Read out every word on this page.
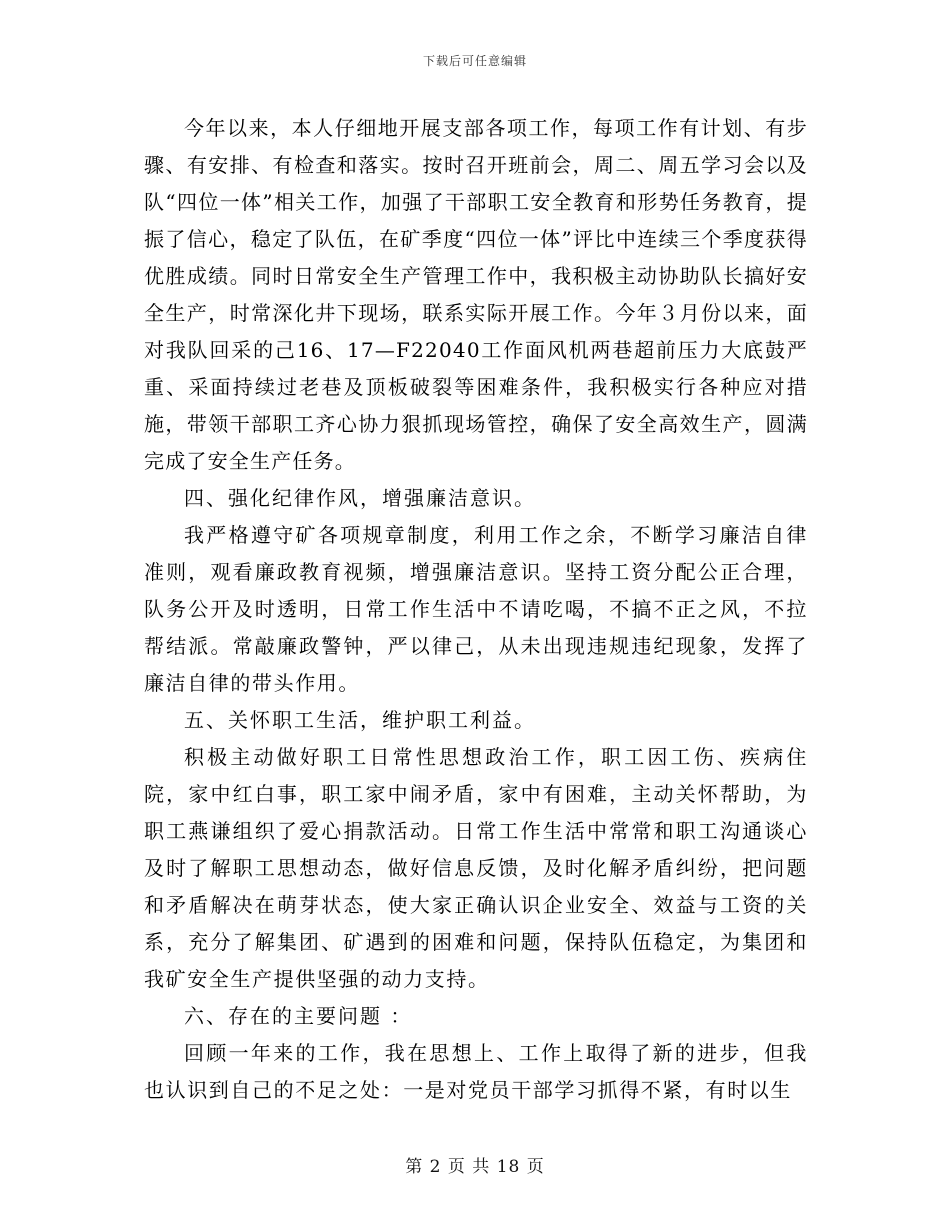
下载后可任意编辑

今年以来，本人仔细地开展支部各项工作，每项工作有计划、有步骤、有安排、有检查和落实。按时召开班前会，周二、周五学习会以及队“四位一体”相关工作，加强了干部职工安全教育和形势任务教育，提振了信心，稳定了队伍，在矿季度“四位一体”评比中连续三个季度获得优胜成绩。同时日常安全生产管理工作中，我积极主动协助队长搞好安全生产，时常深化井下现场，联系实际开展工作。今年３月份以来，面对我队回采的己16、17—F22040工作面风机两巷超前压力大底鼓严重、采面持续过老巷及顶板破裂等困难条件，我积极实行各种应对措施，带领干部职工齐心协力狠抓现场管控，确保了安全高效生产，圆满完成了安全生产任务。

四、强化纪律作风，增强廉洁意识。

我严格遵守矿各项规章制度，利用工作之余，不断学习廉洁自律准则，观看廉政教育视频，增强廉洁意识。坚持工资分配公正合理，队务公开及时透明，日常工作生活中不请吃喝，不搞不正之风，不拉帮结派。常敲廉政警钟，严以律己，从未出现违规违纪现象，发挥了廉洁自律的带头作用。

五、关怀职工生活，维护职工利益。

积极主动做好职工日常性思想政治工作，职工因工伤、疾病住院，家中红白事，职工家中闹矛盾，家中有困难，主动关怀帮助，为职工燕谦组织了爱心捐款活动。日常工作生活中常常和职工沟通谈心及时了解职工思想动态，做好信息反馈，及时化解矛盾纠纷，把问题和矛盾解决在萌芽状态，使大家正确认识企业安全、效益与工资的关系，充分了解集团、矿遇到的困难和问题，保持队伍稳定，为集团和我矿安全生产提供坚强的动力支持。

六、存在的主要问题 ：

回顾一年来的工作，我在思想上、工作上取得了新的进步，但我也认识到自己的不足之处：一是对党员干部学习抓得不紧，有时以生

第 2 页 共 18 页
